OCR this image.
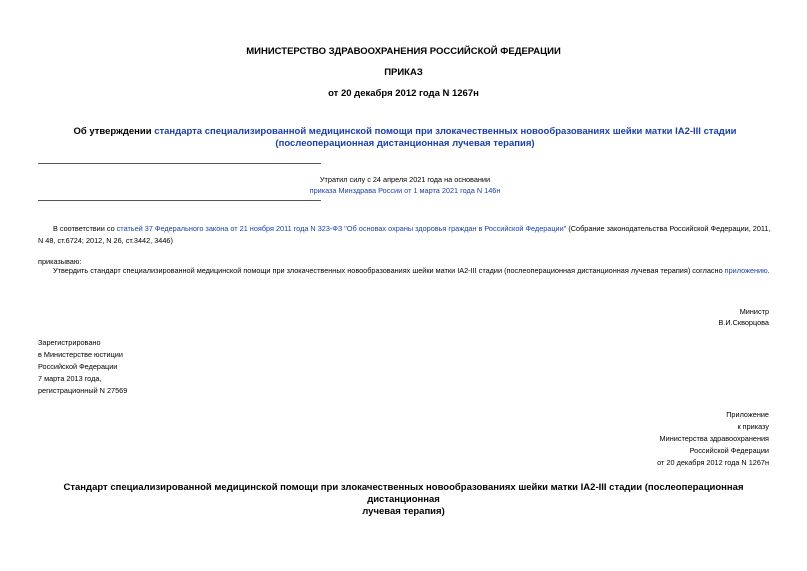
МИНИСТЕРСТВО ЗДРАВООХРАНЕНИЯ РОССИЙСКОЙ ФЕДЕРАЦИИ
ПРИКАЗ
от 20 декабря 2012 года N 1267н
Об утверждении стандарта специализированной медицинской помощи при злокачественных новообразованиях шейки матки IA2-III стадии (послеоперационная дистанционная лучевая терапия)
Утратил силу с 24 апреля 2021 года на основании
приказа Минздрава России от 1 марта 2021 года N 146н
В соответствии со статьей 37 Федерального закона от 21 ноября 2011 года N 323-ФЗ "Об основах охраны здоровья граждан в Российской Федерации" (Собрание законодательства Российской Федерации, 2011,
N 48, ст.6724; 2012, N 26, ст.3442, 3446)
приказываю:
Утвердить стандарт специализированной медицинской помощи при злокачественных новообразованиях шейки матки IA2-III стадии (послеоперационная дистанционная лучевая терапия) согласно приложению.
Министр
В.И.Скворцова
Зарегистрировано
в Министерстве юстиции
Российской Федерации
7 марта 2013 года,
регистрационный N 27569
Приложение
к приказу
Министерства здравоохранения
Российской Федерации
от 20 декабря 2012 года N 1267н
Стандарт специализированной медицинской помощи при злокачественных новообразованиях шейки матки IA2-III стадии (послеоперационная дистанционная
лучевая терапия)
